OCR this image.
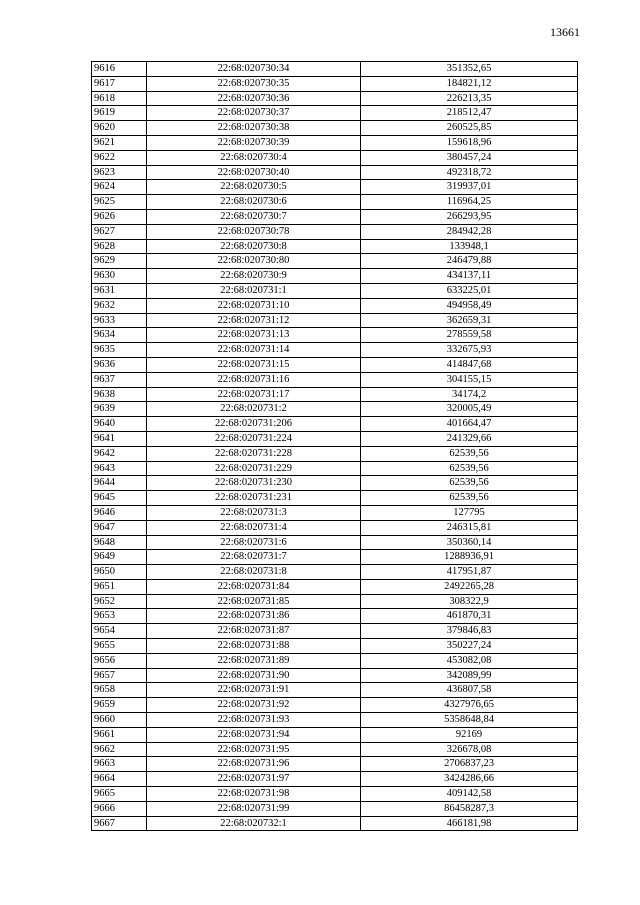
13661
9616	22:68:020730:34	351352,65
9617	22:68:020730:35	184821,12
9618	22:68:020730:36	226213,35
9619	22:68:020730:37	218512,47
9620	22:68:020730:38	260525,85
9621	22:68:020730:39	159618,96
9622	22:68:020730:4	380457,24
9623	22:68:020730:40	492318,72
9624	22:68:020730:5	319937,01
9625	22:68:020730:6	116964,25
9626	22:68:020730:7	266293,95
9627	22:68:020730:78	284942,28
9628	22:68:020730:8	133948,1
9629	22:68:020730:80	246479,88
9630	22:68:020730:9	434137,11
9631	22:68:020731:1	633225,01
9632	22:68:020731:10	494958,49
9633	22:68:020731:12	362659,31
9634	22:68:020731:13	278559,58
9635	22:68:020731:14	332675,93
9636	22:68:020731:15	414847,68
9637	22:68:020731:16	304155,15
9638	22:68:020731:17	34174,2
9639	22:68:020731:2	320005,49
9640	22:68:020731:206	401664,47
9641	22:68:020731:224	241329,66
9642	22:68:020731:228	62539,56
9643	22:68:020731:229	62539,56
9644	22:68:020731:230	62539,56
9645	22:68:020731:231	62539,56
9646	22:68:020731:3	127795
9647	22:68:020731:4	246315,81
9648	22:68:020731:6	350360,14
9649	22:68:020731:7	1288936,91
9650	22:68:020731:8	417951,87
9651	22:68:020731:84	2492265,28
9652	22:68:020731:85	308322,9
9653	22:68:020731:86	461870,31
9654	22:68:020731:87	379846,83
9655	22:68:020731:88	350227,24
9656	22:68:020731:89	453082,08
9657	22:68:020731:90	342089,99
9658	22:68:020731:91	436807,58
9659	22:68:020731:92	4327976,65
9660	22:68:020731:93	5358648,84
9661	22:68:020731:94	92169
9662	22:68:020731:95	326678,08
9663	22:68:020731:96	2706837,23
9664	22:68:020731:97	3424286,66
9665	22:68:020731:98	409142,58
9666	22:68:020731:99	86458287,3
9667	22:68:020732:1	466181,98
